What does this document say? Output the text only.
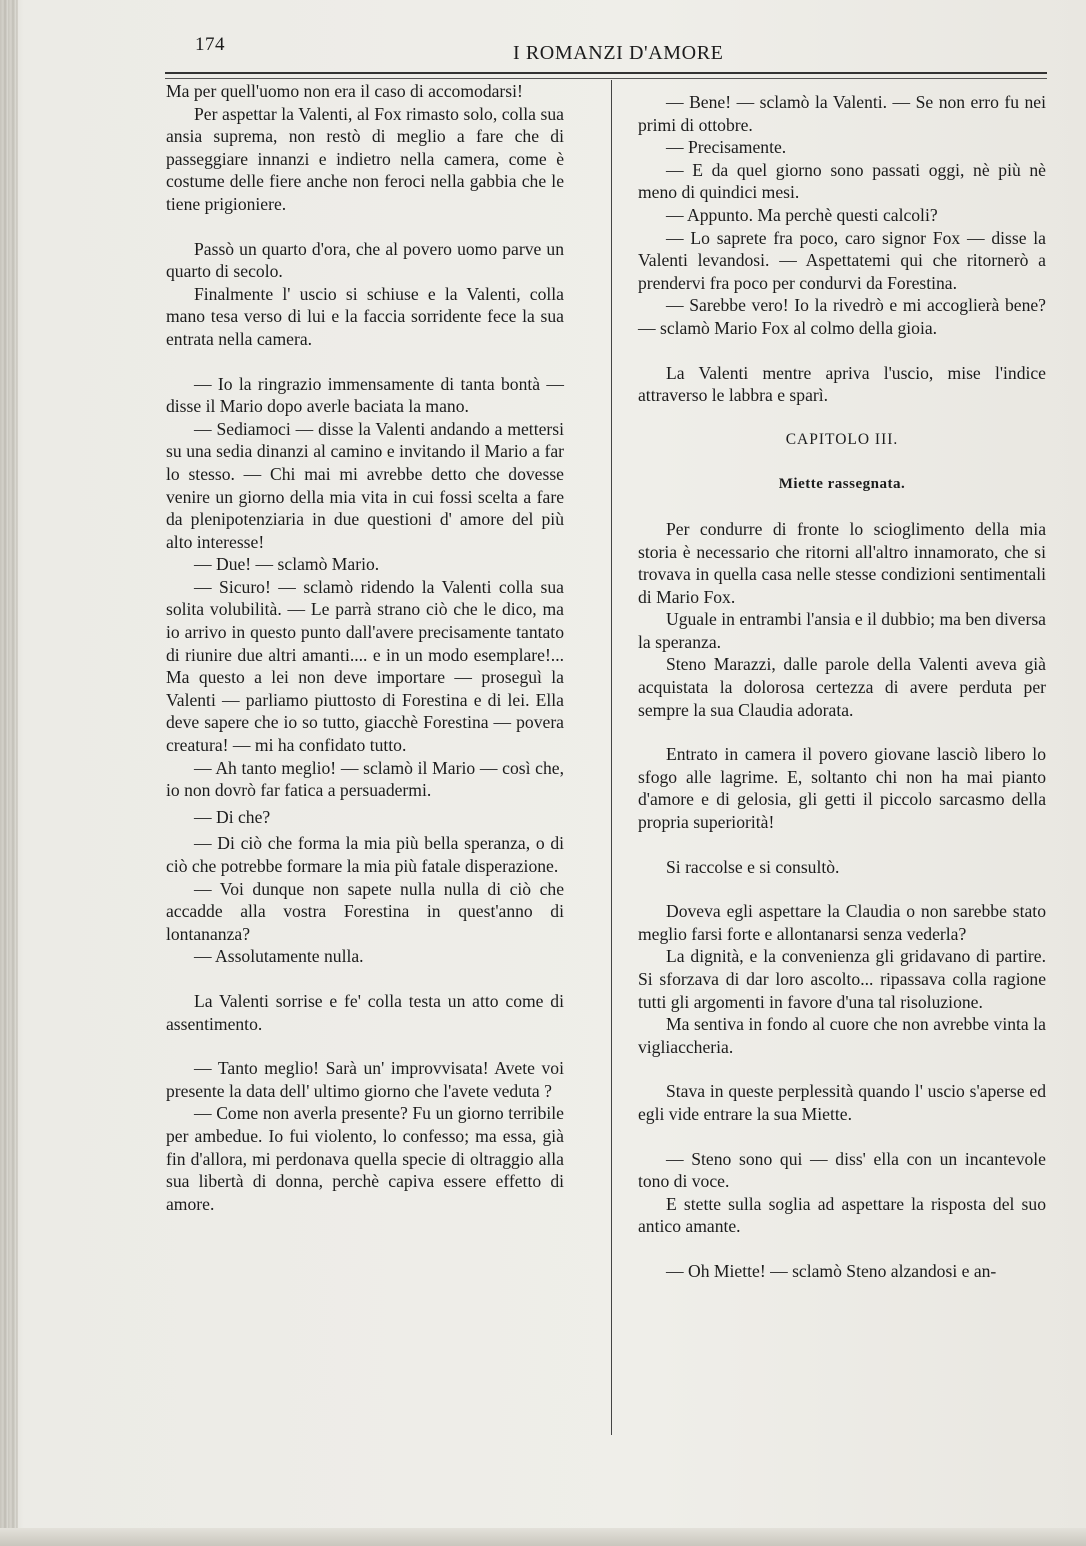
174	I ROMANZI D'AMORE

Ma per quell'uomo non era il caso di accomodarsi!

Per aspettar la Valenti, al Fox rimasto solo, colla sua ansia suprema, non restò di meglio a fare che di passeggiare innanzi e indietro nella camera, come è costume delle fiere anche non feroci nella gabbia che le tiene prigioniere.

Passò un quarto d'ora, che al povero uomo parve un quarto di secolo.

Finalmente l' uscio si schiuse e la Valenti, colla mano tesa verso di lui e la faccia sorridente fece la sua entrata nella camera.

— Io la ringrazio immensamente di tanta bontà — disse il Mario dopo averle baciata la mano.

— Sediamoci — disse la Valenti andando a mettersi su una sedia dinanzi al camino e invitando il Mario a far lo stesso. — Chi mai mi avrebbe detto che dovesse venire un giorno della mia vita in cui fossi scelta a fare da plenipotenziaria in due questioni d' amore del più alto interesse!

— Due! — sclamò Mario.

— Sicuro! — sclamò ridendo la Valenti colla sua solita volubilità. — Le parrà strano ciò che le dico, ma io arrivo in questo punto dall'avere precisamente tantato di riunire due altri amanti.... e in un modo esemplare!... Ma questo a lei non deve importare — proseguì la Valenti — parliamo piuttosto di Forestina e di lei. Ella deve sapere che io so tutto, giacchè Forestina — povera creatura! — mi ha confidato tutto.

— Ah tanto meglio! — sclamò il Mario — così che, io non dovrò far fatica a persuadermi.

— Di che?

— Di ciò che forma la mia più bella speranza, o di ciò che potrebbe formare la mia più fatale disperazione.

— Voi dunque non sapete nulla nulla di ciò che accadde alla vostra Forestina in quest'anno di lontananza?

— Assolutamente nulla.

La Valenti sorrise e fe' colla testa un atto come di assentimento.

— Tanto meglio! Sarà un' improvvisata! Avete voi presente la data dell' ultimo giorno che l'avete veduta ?

— Come non averla presente? Fu un giorno terribile per ambedue. Io fui violento, lo confesso; ma essa, già fin d'allora, mi perdonava quella specie di oltraggio alla sua libertà di donna, perchè capiva essere effetto di amore.

— Bene! — sclamò la Valenti. — Se non erro fu nei primi di ottobre.

— Precisamente.

— E da quel giorno sono passati oggi, nè più nè meno di quindici mesi.

— Appunto. Ma perchè questi calcoli?

— Lo saprete fra poco, caro signor Fox — disse la Valenti levandosi. — Aspettatemi qui che ritornerò a prendervi fra poco per condurvi da Forestina.

— Sarebbe vero! Io la rivedrò e mi accoglierà bene? — sclamò Mario Fox al colmo della gioia.

La Valenti mentre apriva l'uscio, mise l'indice attraverso le labbra e sparì.

CAPITOLO III.

Miette rassegnata.

Per condurre di fronte lo scioglimento della mia storia è necessario che ritorni all'altro innamorato, che si trovava in quella casa nelle stesse condizioni sentimentali di Mario Fox.

Uguale in entrambi l'ansia e il dubbio; ma ben diversa la speranza.

Steno Marazzi, dalle parole della Valenti aveva già acquistata la dolorosa certezza di avere perduta per sempre la sua Claudia adorata.

Entrato in camera il povero giovane lasciò libero lo sfogo alle lagrime. E, soltanto chi non ha mai pianto d'amore e di gelosia, gli getti il piccolo sarcasmo della propria superiorità!

Si raccolse e si consultò.

Doveva egli aspettare la Claudia o non sarebbe stato meglio farsi forte e allontanarsi senza vederla?

La dignità, e la convenienza gli gridavano di partire. Si sforzava di dar loro ascolto... ripassava colla ragione tutti gli argomenti in favore d'una tal risoluzione.

Ma sentiva in fondo al cuore che non avrebbe vinta la vigliaccheria.

Stava in queste perplessità quando l' uscio s'aperse ed egli vide entrare la sua Miette.

— Steno sono qui — diss' ella con un incantevole tono di voce.

E stette sulla soglia ad aspettare la risposta del suo antico amante.

— Oh Miette! — sclamò Steno alzandosi e an-
